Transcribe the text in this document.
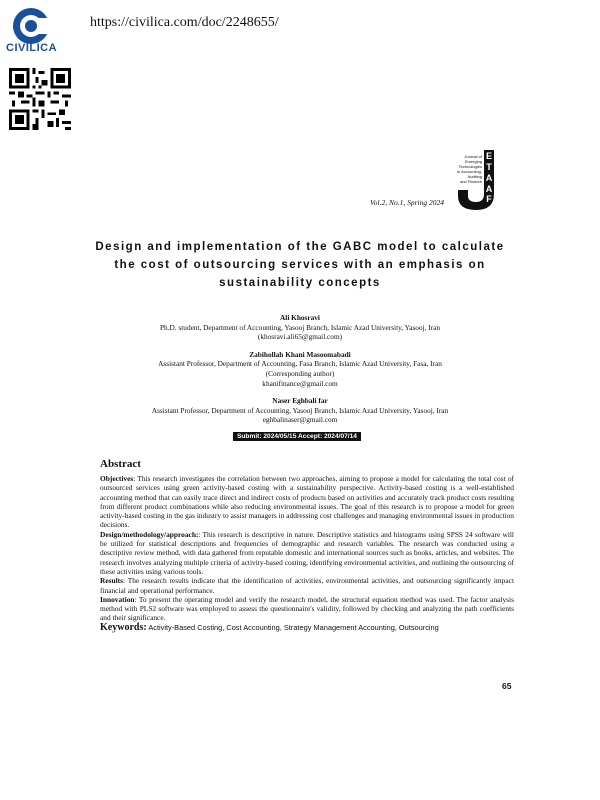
CIVILICA
https://civilica.com/doc/2248655/
E
T
A
A
F
Journal of
Emerging
Technologies
in Accounting,
Auditing
and Finance
Vol.2, No.1, Spring 2024
Design and implementation of the GABC model to calculate
the cost of outsourcing services with an emphasis on
sustainability concepts
Ali Khosravi
Ph.D. student, Department of Accounting, Yasooj Branch, Islamic Azad University, Yasooj, Iran
(khosravi.ali65@gmail.com)
Zabihollah Khani Masoomabadi
Assistant Professor, Department of Accounting, Fasa Branch, Islamic Azad University, Fasa, Iran
(Corresponding author)
khanifinance@gmail.com
Naser Eghbali far
Assistant Professor, Department of Accounting, Yasooj Branch, Islamic Azad University, Yasooj, Iran
eghbalinaser@gmail.com
Submit: 2024/05/15 Accept: 2024/07/14
Abstract

Objectives: This research investigates the correlation between two approaches, aiming to propose a model for calculating the total cost of outsourced services using green activity-based costing with a sustainability perspective. Activity-based costing is a well-established accounting method that can easily trace direct and indirect costs of products based on activities and accurately track product costs resulting from different product combinations while also reducing environmental issues. The goal of this research is to propose a model for green activity-based costing in the gas industry to assist managers in addressing cost challenges and managing environmental issues in production decisions.

Design/methodology/approach:: This research is descriptive in nature. Descriptive statistics and histograms using SPSS 24 software will be utilized for statistical descriptions and frequencies of demographic and research variables. The research was conducted using a descriptive review method, with data gathered from reputable domestic and international sources such as books, articles, and websites. The research involves analyzing multiple criteria of activity-based costing, identifying environmental activities, and outlining the outsourcing of these activities using various tools.

Results: The research results indicate that the identification of activities, environmental activities, and outsourcing significantly impact financial and operational performance.

Innovation: To present the operating model and verify the research model, the structural equation method was used. The factor analysis method with PLS2 software was employed to assess the questionnaire's validity, followed by checking and analyzing the path coefficients and their significance.

Keywords: Activity-Based Costing, Cost Accounting, Strategy Management Accounting, Outsourcing

65
